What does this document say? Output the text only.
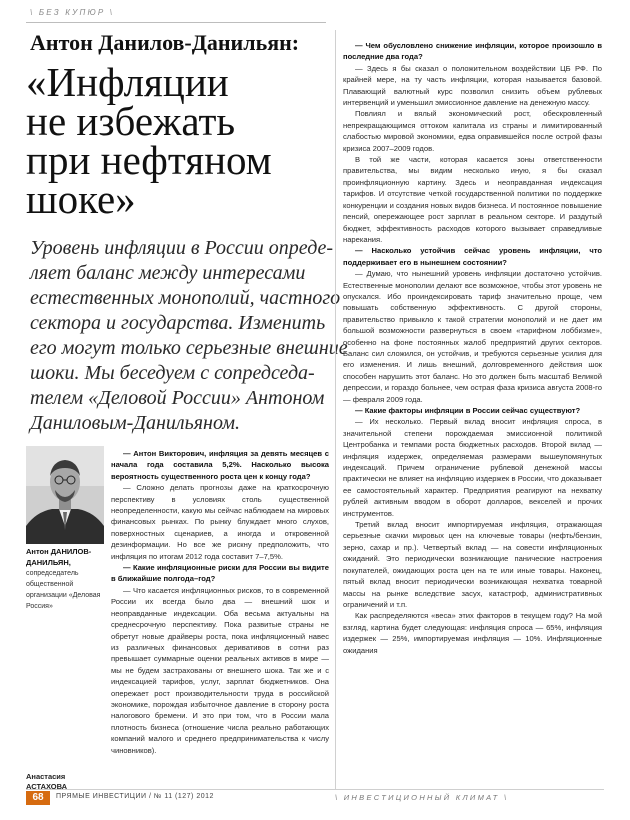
\ БЕЗ КУПЮР \
Антон Данилов-Данильян:
«Инфляции
не избежать
при нефтяном
шоке»
Уровень инфляции в России опреде-
ляет баланс между интересами
естественных монополий, частного
сектора и государства. Изменить
его могут только серьезные внешние
шоки. Мы беседуем с сопредседа-
телем «Деловой России» Антоном
Даниловым-Данильяном.
Антон ДАНИЛОВ-ДАНИЛЬЯН,
сопредседатель общественной организации «Деловая Россия»
Анастасия АСТАХОВА

— Антон Викторович, инфляция за девять месяцев с начала года составила 5,2%. Насколько высока вероятность существенного роста цен к концу года?

— Сложно делать прогнозы даже на краткосрочную перспективу в условиях столь существенной неопределенности, какую мы сейчас наблюдаем на мировых финансовых рынках. По рынку блуждает много слухов, поверхностных сценариев, а иногда и откровенной дезинформации. Но все же рискну предположить, что инфляция по итогам 2012 года составит 7–7,5%.

— Какие инфляционные риски для России вы видите в ближайшие полгода–год?

— Что касается инфляционных рисков, то в современной России их всегда было два — внешний шок и неоправданные индексации. Оба весьма актуальны на среднесрочную перспективу. Пока развитые страны не обретут новые драйверы роста, пока инфляционный навес из различных финансовых деривативов в сотни раз превышает суммарные оценки реальных активов в мире — мы не будем застрахованы от внешнего шока. Так же и с индексацией тарифов, услуг, зарплат бюджетников. Она опережает рост производительности труда в российской экономике, порождая избыточное давление в сторону роста налогового бремени. И это при том, что в России мала плотность бизнеса (отношение числа реально работающих компаний малого и среднего предпринимательства к числу чиновников).

— Чем обусловлено снижение инфляции, которое произошло в последние два года?

— Здесь я бы сказал о положительном воздействии ЦБ РФ. По крайней мере, на ту часть инфляции, которая называется базовой. Плавающий валютный курс позволил снизить объем рублевых интервенций и уменьшил эмиссионное давление на денежную массу.

Повлиял и вялый экономический рост, обескровленный непрекращающимся оттоком капитала из страны и лимитированный слабостью мировой экономики, едва оправившейся после острой фазы кризиса 2007–2009 годов.

В той же части, которая касается зоны ответственности правительства, мы видим несколько иную, я бы сказал проинфляционную картину. Здесь и неоправданная индексация тарифов. И отсутствие четкой государственной политики по поддержке конкуренции и создания новых видов бизнеса. И постоянное повышение пенсий, опережающее рост зарплат в реальном секторе. И раздутый бюджет, эффективность расходов которого вызывает справедливые нарекания.

— Насколько устойчив сейчас уровень инфляции, что поддерживает его в нынешнем состоянии?

— Думаю, что нынешний уровень инфляции достаточно устойчив. Естественные монополии делают все возможное, чтобы этот уровень не опускался. Ибо проиндексировать тариф значительно проще, чем повышать собственную эффективность. С другой стороны, правительство привыкло к такой стратегии монополий и не дает им большой возможности развернуться в своем «тарифном лоббизме», особенно на фоне постоянных жалоб предприятий других секторов. Баланс сил сложился, он устойчив, и требуются серьезные усилия для его изменения. И лишь внешний, долговременного действия шок способен нарушить этот баланс. Но это должен быть масштаб Великой депрессии, и гораздо больнее, чем острая фаза кризиса августа 2008-го — февраля 2009 года.

— Какие факторы инфляции в России сейчас существуют?

— Их несколько. Первый вклад вносит инфляция спроса, в значительной степени порождаемая эмиссионной политикой Центробанка и темпами роста бюджетных расходов. Второй вклад — инфляция издержек, определяемая размерами вышеупомянутых индексаций. Причем ограничение рублевой денежной массы практически не влияет на инфляцию издержек в России, что доказывает ее самостоятельный характер. Предприятия реагируют на нехватку рублей активным вводом в оборот долларов, векселей и прочих инструментов.

Третий вклад вносит импортируемая инфляция, отражающая серьезные скачки мировых цен на ключевые товары (нефть/бензин, зерно, сахар и пр.). Четвертый вклад — на совести инфляционных ожиданий. Это периодически возникающие панические настроения покупателей, ожидающих роста цен на те или иные товары. Наконец, пятый вклад вносит периодически возникающая нехватка товарной массы на рынке вследствие засух, катастроф, административных ограничений и т.п.

Как распределяются «веса» этих факторов в текущем году? На мой взгляд, картина будет следующая: инфляция спроса — 65%, инфляция издержек — 25%, импортируемая инфляция — 10%. Инфляционные ожидания

68	ПРЯМЫЕ ИНВЕСТИЦИИ / № 11 (127) 2012	\ ИНВЕСТИЦИОННЫЙ КЛИМАТ \
